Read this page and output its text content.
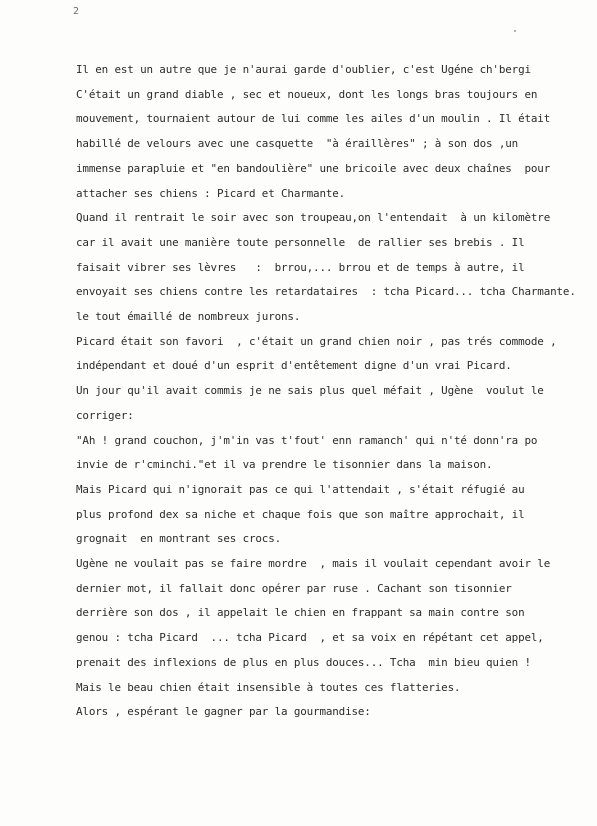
2
Il en est un autre que je n'aurai garde d'oublier, c'est Ugéne ch'bergi
C'était un grand diable , sec et noueux, dont les longs bras toujours en
mouvement, tournaient autour de lui comme les ailes d'un moulin . Il était
habillé de velours avec une casquette  "à éraillères" ; à son dos ,un
immense parapluie et "en bandoulière" une bricoile avec deux chaînes  pour
attacher ses chiens : Picard et Charmante.
Quand il rentrait le soir avec son troupeau,on l'entendait  à un kilomètre
car il avait une manière toute personnelle  de rallier ses brebis . Il
faisait vibrer ses lèvres   :  brrou,... brrou et de temps à autre, il
envoyait ses chiens contre les retardataires  : tcha Picard... tcha Charmante.
le tout émaillé de nombreux jurons.
Picard était son favori  , c'était un grand chien noir , pas trés commode ,
indépendant et doué d'un esprit d'entêtement digne d'un vrai Picard.
Un jour qu'il avait commis je ne sais plus quel méfait , Ugène  voulut le
corriger:
"Ah ! grand couchon, j'm'in vas t'fout' enn ramanch' qui n'té donn'ra po
invie de r'cminchi."et il va prendre le tisonnier dans la maison.
Mais Picard qui n'ignorait pas ce qui l'attendait , s'était réfugié au
plus profond dex sa niche et chaque fois que son maître approchait, il
grognait  en montrant ses crocs.
Ugène ne voulait pas se faire mordre  , mais il voulait cependant avoir le
dernier mot, il fallait donc opérer par ruse . Cachant son tisonnier
derrière son dos , il appelait le chien en frappant sa main contre son
genou : tcha Picard  ... tcha Picard  , et sa voix en répétant cet appel,
prenait des inflexions de plus en plus douces... Tcha  min bieu quien !
Mais le beau chien était insensible à toutes ces flatteries.
Alors , espérant le gagner par la gourmandise:
